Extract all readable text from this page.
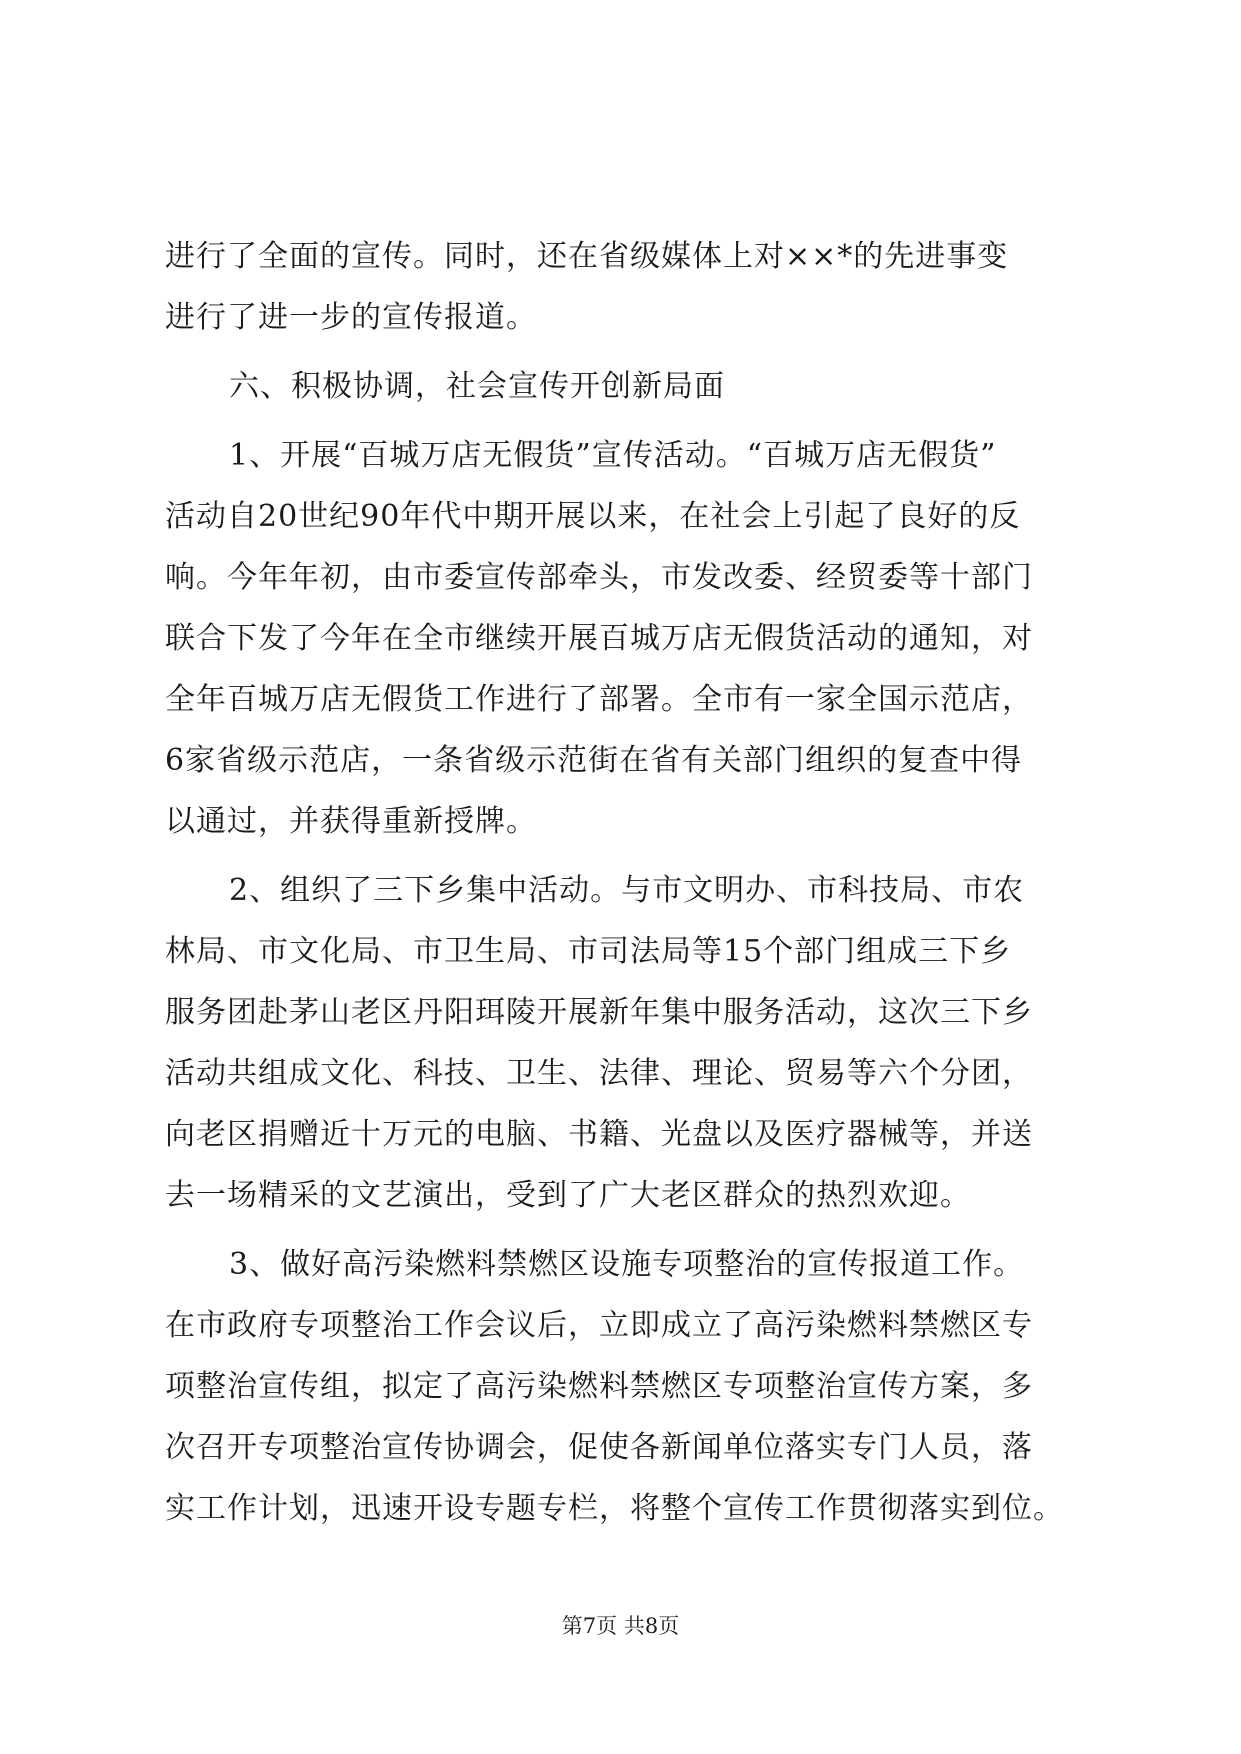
进行了全面的宣传。同时，还在省级媒体上对××*的先进事变
进行了进一步的宣传报道。
六、积极协调，社会宣传开创新局面
1、开展“百城万店无假货”宣传活动。“百城万店无假货”
活动自20世纪90年代中期开展以来，在社会上引起了良好的反
响。今年年初，由市委宣传部牵头，市发改委、经贸委等十部门
联合下发了今年在全市继续开展百城万店无假货活动的通知，对
全年百城万店无假货工作进行了部署。全市有一家全国示范店，
6家省级示范店，一条省级示范街在省有关部门组织的复查中得
以通过，并获得重新授牌。
2、组织了三下乡集中活动。与市文明办、市科技局、市农
林局、市文化局、市卫生局、市司法局等15个部门组成三下乡
服务团赴茅山老区丹阳珥陵开展新年集中服务活动，这次三下乡
活动共组成文化、科技、卫生、法律、理论、贸易等六个分团，
向老区捐赠近十万元的电脑、书籍、光盘以及医疗器械等，并送
去一场精采的文艺演出，受到了广大老区群众的热烈欢迎。
3、做好高污染燃料禁燃区设施专项整治的宣传报道工作。
在市政府专项整治工作会议后，立即成立了高污染燃料禁燃区专
项整治宣传组，拟定了高污染燃料禁燃区专项整治宣传方案，多
次召开专项整治宣传协调会，促使各新闻单位落实专门人员，落
实工作计划，迅速开设专题专栏，将整个宣传工作贯彻落实到位。
第7页 共8页
